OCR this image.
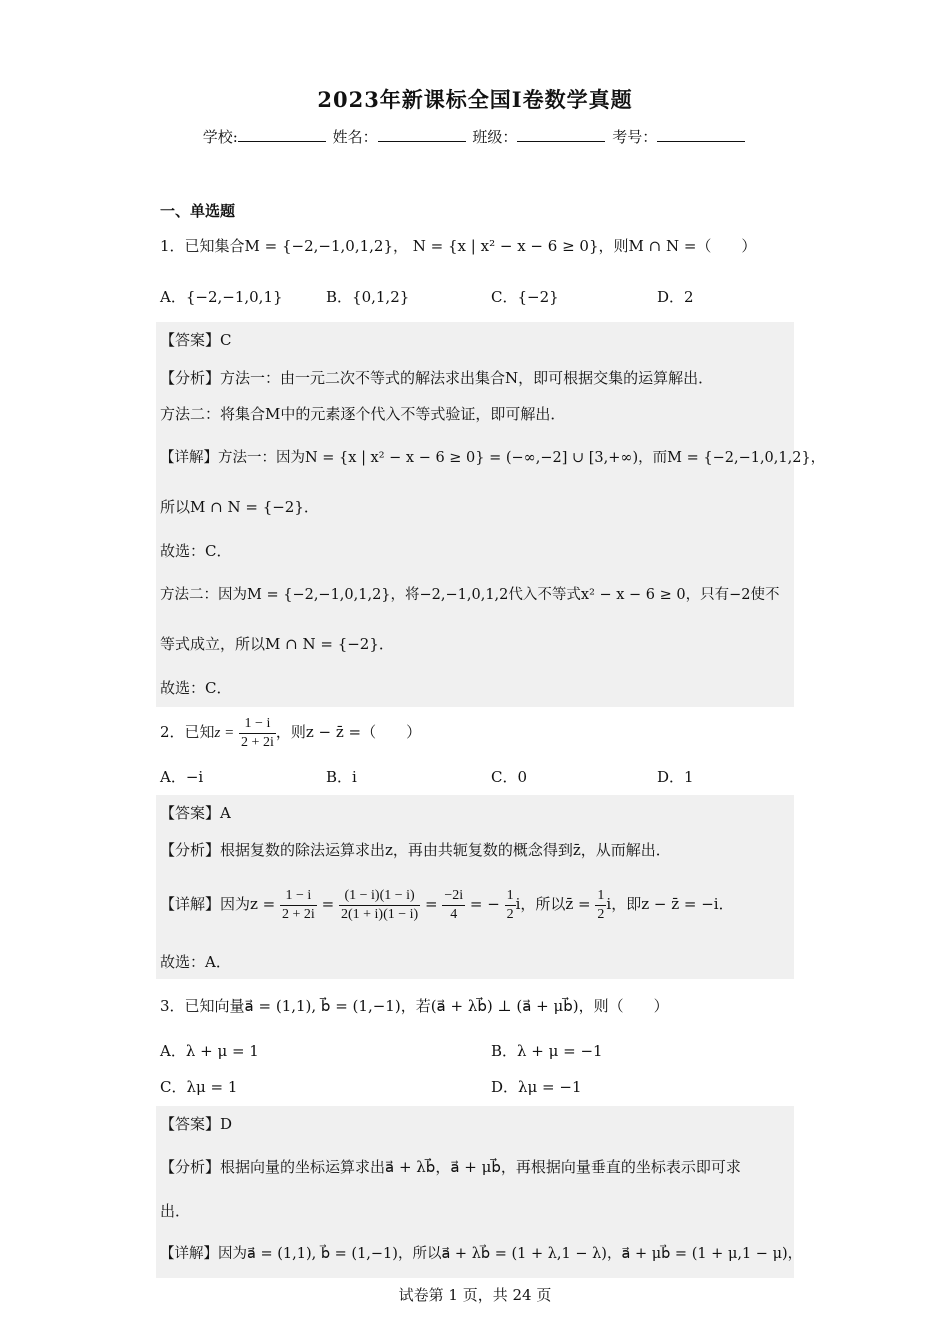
2023年新课标全国Ⅰ卷数学真题
学校:	姓名：	班级：	考号：
一、单选题
1．已知集合M = {−2,−1,0,1,2}， N = {x | x² − x − 6 ≥ 0}，则M ∩ N =（　　）
A．{−2,−1,0,1}	B．{0,1,2}	C．{−2}	D．2
【答案】C
【分析】方法一：由一元二次不等式的解法求出集合N，即可根据交集的运算解出．
方法二：将集合M中的元素逐个代入不等式验证，即可解出．
【详解】方法一：因为N = {x | x² − x − 6 ≥ 0} = (−∞,−2] ∪ [3,+∞)，而M = {−2,−1,0,1,2}，
所以M ∩ N = {−2}．
故选：C．
方法二：因为M = {−2,−1,0,1,2}，将−2,−1,0,1,2代入不等式x² − x − 6 ≥ 0，只有−2使不
等式成立，所以M ∩ N = {−2}．
故选：C．
2．已知$z = \frac{1 - i}{2 + 2i}$ ，则z − z̄ =（　　）
A．−i	B．i	C．0	D．1
【答案】A
【分析】根据复数的除法运算求出z，再由共轭复数的概念得到z̄，从而解出．
【详解】因为$z = \frac{1 - i}{2 + 2i} = \frac{(1 - i)(1 - i)}{2(1 + i)(1 - i)} = \frac{-2i}{4}$ = − $\frac{1}{2}$ i，所以z̄ = $\frac{1}{2}$ i，即z − z̄ = −i．
故选：A．
3．已知向量a⃗ = (1,1), b⃗ = (1,−1)，若(a⃗ + λb⃗) ⊥ (a⃗ + μb⃗)，则（　　）
A．λ + μ = 1	B．λ + μ = −1
C．λμ = 1	D．λμ = −1
【答案】D
【分析】根据向量的坐标运算求出a⃗ + λb⃗，a⃗ + μb⃗，再根据向量垂直的坐标表示即可求
出．
【详解】因为a⃗ = (1,1), b⃗ = (1,−1)，所以a⃗ + λb⃗ = (1 + λ,1 − λ)，a⃗ + μb⃗ = (1 + μ,1 − μ)，
试卷第 1 页，共 24 页
